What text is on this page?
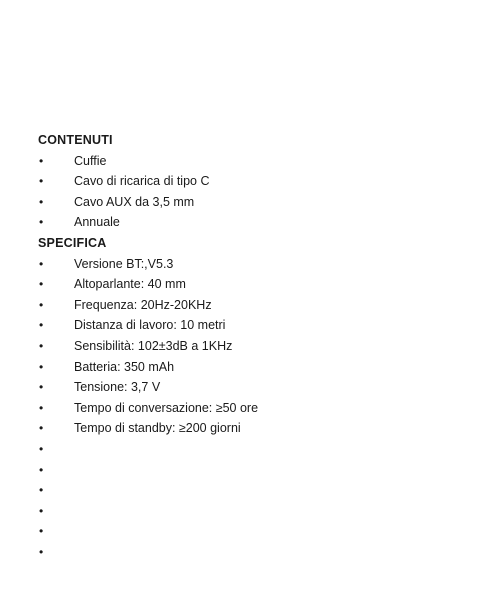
CONTENUTI
• Cuffie
• Cavo di ricarica di tipo C
• Cavo AUX da 3,5 mm
• Annuale
SPECIFICA
• Versione BT:,V5.3
• Altoparlante: 40 mm
• Frequenza: 20Hz-20KHz
• Distanza di lavoro: 10 metri
• Sensibilità: 102±3dB a 1KHz
• Batteria: 350 mAh
• Tensione: 3,7 V
• Tempo di conversazione: ≥50 ore
• Tempo di standby: ≥200 giorni
•
•
•
•
•
•
